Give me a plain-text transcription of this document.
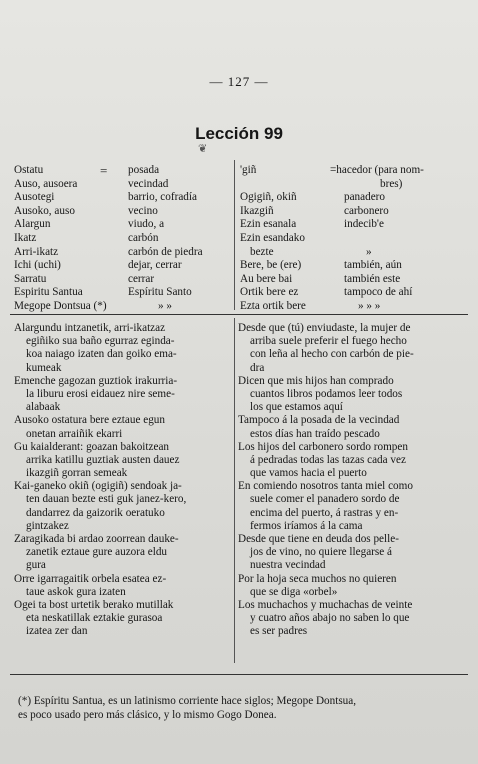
— 127 —
Lección 99
❦
Ostatu
Auso, ausoera
Ausotegi
Ausoko, auso
Alargun
Ikatz
Arri-ikatz
Ichi (uchi)
Sarratu
Espiritu Santua
Megope Dontsua (*)
= posada
vecindad
barrio, cofradía
vecino
viudo, a
carbón
carbón de piedra
dejar, cerrar
cerrar
Espíritu Santo
» »
'giñ
Ogigiñ, okiñ
Ikazgiñ
Ezin esanala
Ezin esandako
bezte
Bere, be (ere)
Au bere bai
Ortik bere ez
Ezta ortik bere
=hacedor (para nom-
bres)
panadero
carbonero
indecib'e
»
también, aún
también este
tampoco de ahí
» » »
Alargundu intzanetik, arri-ikatzaz
egiñiko sua baño egurraz eginda-
koa naiago izaten dan goiko ema-
kumeak
Emenche gagozan guztiok irakurria-
la liburu erosi eidauez nire seme-
alabaak
Ausoko ostatura bere eztaue egun
onetan arraiñik ekarri
Gu kaialderant: goazan bakoitzean
arrika katillu guztiak austen dauez
ikazgiñ gorran semeak
Kai-ganeko okiñ (ogigiñ) sendoak ja-
ten dauan bezte esti guk janez-kero,
dandarrez da gaizorik oeratuko
gintzakez
Zaragikada bi ardao zoorrean dauke-
zanetik eztaue gure auzora eldu
gura
Orre igarragaitik orbela esatea ez-
taue askok gura izaten
Ogei ta bost urtetik berako mutillak
eta neskatillak eztakie gurasoa
izatea zer dan
Desde que (tú) enviudaste, la mujer de
arriba suele preferir el fuego hecho
con leña al hecho con carbón de pie-
dra
Dicen que mis hijos han comprado
cuantos libros podamos leer todos
los que estamos aquí
Tampoco á la posada de la vecindad
estos días han traído pescado
Los hijos del carbonero sordo rompen
á pedradas todas las tazas cada vez
que vamos hacia el puerto
En comiendo nosotros tanta miel como
suele comer el panadero sordo de
encima del puerto, á rastras y en-
fermos iríamos á la cama
Desde que tiene en deuda dos pelle-
jos de vino, no quiere llegarse á
nuestra vecindad
Por la hoja seca muchos no quieren
que se diga «orbel»
Los muchachos y muchachas de veinte
y cuatro años abajo no saben lo que
es ser padres
(*) Espíritu Santua, es un latinismo corriente hace siglos; Megope Dontsua,
es poco usado pero más clásico, y lo mismo Gogo Donea.
